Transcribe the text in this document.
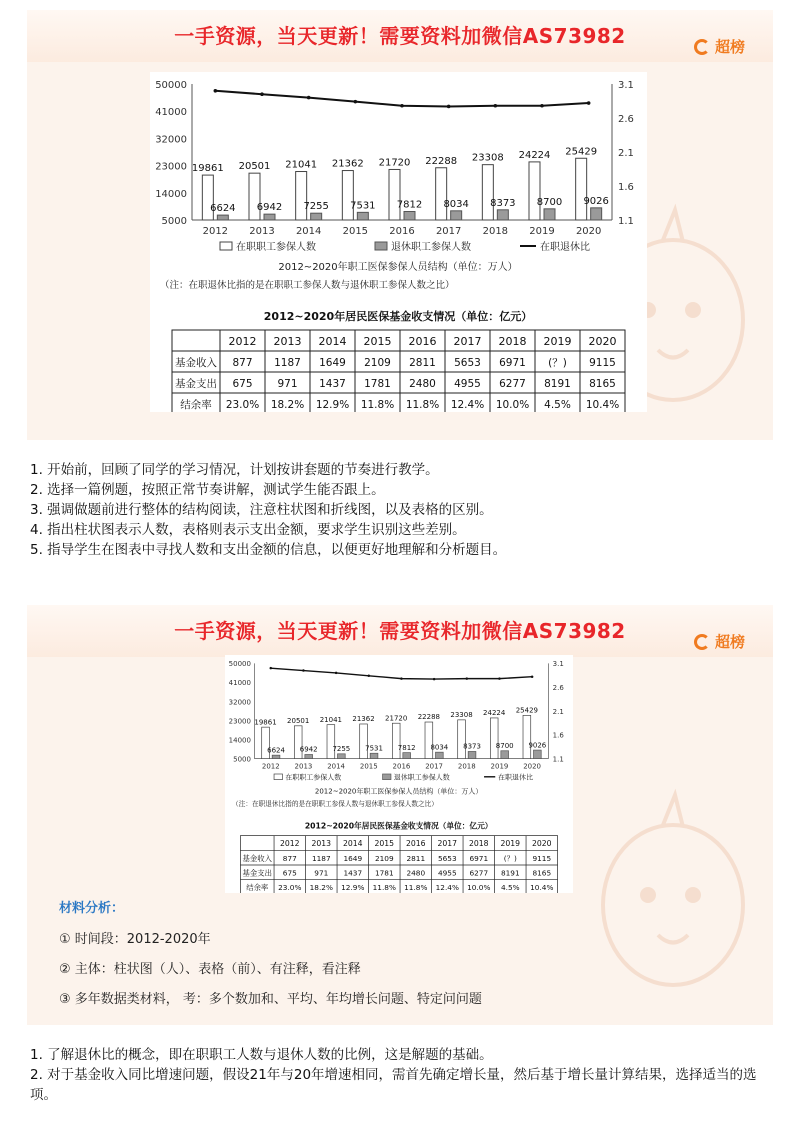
一手资源，当天更新！需要资料加微信AS73982	超榜
50000
41000
32000
23000
14000
5000
3.1
2.6
2.1
1.6
1.1
19861
6624
2012
20501
6942
2013
21041
7255
2014
21362
7531
2015
21720
7812
2016
22288
8034
2017
23308
8373
2018
24224
8700
2019
25429
9026
2020
在职职工参保人数	退休职工参保人数	在职退休比
2012~2020年职工医保参保人员结构（单位：万人）
（注：在职退休比指的是在职职工参保人数与退休职工参保人数之比）
2012~2020年居民医保基金收支情况（单位：亿元）
2012 2013 2014 2015 2016 2017 2018 2019 2020
基金收入 877 1187 1649 2109 2811 5653 6971 (？) 9115
基金支出 675 971 1437 1781 2480 4955 6277 8191 8165
结余率 23.0% 18.2% 12.9% 11.8% 11.8% 12.4% 10.0% 4.5% 10.4%
1. 开始前，回顾了同学的学习情况，计划按讲套题的节奏进行教学。
2. 选择一篇例题，按照正常节奏讲解，测试学生能否跟上。
3. 强调做题前进行整体的结构阅读，注意柱状图和折线图，以及表格的区别。
4. 指出柱状图表示人数，表格则表示支出金额，要求学生识别这些差别。
5. 指导学生在图表中寻找人数和支出金额的信息，以便更好地理解和分析题目。
一手资源，当天更新！需要资料加微信AS73982	超榜
50000
41000
32000
23000
14000
5000
3.1
2.6
2.1
1.6
1.1
19861
6624
2012
20501
6942
2013
21041
7255
2014
21362
7531
2015
21720
7812
2016
22288
8034
2017
23308
8373
2018
24224
8700
2019
25429
9026
2020
在职职工参保人数	退休职工参保人数	在职退休比
2012~2020年职工医保参保人员结构（单位：万人）
（注：在职退休比指的是在职职工参保人数与退休职工参保人数之比）
2012~2020年居民医保基金收支情况（单位：亿元）
2012 2013 2014 2015 2016 2017 2018 2019 2020
基金收入 877 1187 1649 2109 2811 5653 6971 (？) 9115
基金支出 675 971 1437 1781 2480 4955 6277 8191 8165
结余率 23.0% 18.2% 12.9% 11.8% 11.8% 12.4% 10.0% 4.5% 10.4%
材料分析：
① 时间段：2012-2020年
② 主体：柱状图（人）、表格（前）、有注释，看注释
③ 多年数据类材料， 考：多个数加和、平均、年均增长问题、特定问问题
1. 了解退休比的概念，即在职职工人数与退休人数的比例，这是解题的基础。
2. 对于基金收入同比增速问题，假设21年与20年增速相同，需首先确定增长量，然后基于增长量计算结果，选择适当的选项。
